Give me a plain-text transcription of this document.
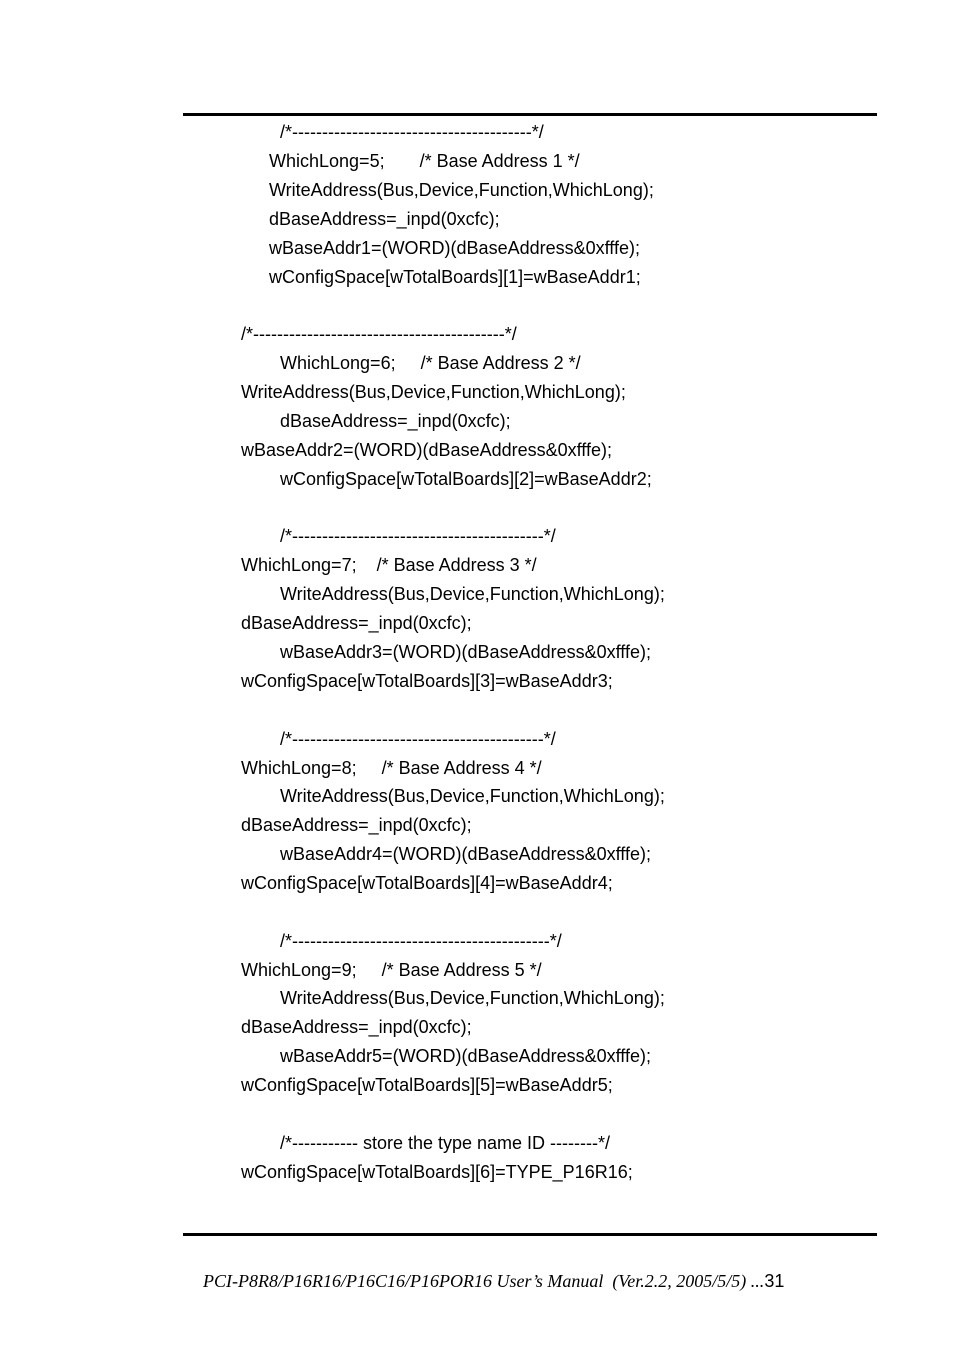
/*----------------------------------------*/
WhichLong=5;       /* Base Address 1 */
WriteAddress(Bus,Device,Function,WhichLong);
dBaseAddress=_inpd(0xcfc);
wBaseAddr1=(WORD)(dBaseAddress&0xfffe);
wConfigSpace[wTotalBoards][1]=wBaseAddr1;
/*------------------------------------------*/
WhichLong=6;     /* Base Address 2 */
WriteAddress(Bus,Device,Function,WhichLong);
dBaseAddress=_inpd(0xcfc);
wBaseAddr2=(WORD)(dBaseAddress&0xfffe);
wConfigSpace[wTotalBoards][2]=wBaseAddr2;
/*------------------------------------------*/
WhichLong=7;    /* Base Address 3 */
WriteAddress(Bus,Device,Function,WhichLong);
dBaseAddress=_inpd(0xcfc);
wBaseAddr3=(WORD)(dBaseAddress&0xfffe);
wConfigSpace[wTotalBoards][3]=wBaseAddr3;
/*------------------------------------------*/
WhichLong=8;     /* Base Address 4 */
WriteAddress(Bus,Device,Function,WhichLong);
dBaseAddress=_inpd(0xcfc);
wBaseAddr4=(WORD)(dBaseAddress&0xfffe);
wConfigSpace[wTotalBoards][4]=wBaseAddr4;
/*-------------------------------------------*/
WhichLong=9;     /* Base Address 5 */
WriteAddress(Bus,Device,Function,WhichLong);
dBaseAddress=_inpd(0xcfc);
wBaseAddr5=(WORD)(dBaseAddress&0xfffe);
wConfigSpace[wTotalBoards][5]=wBaseAddr5;
/*----------- store the type name ID --------*/
wConfigSpace[wTotalBoards][6]=TYPE_P16R16;

PCI-P8R8/P16R16/P16C16/P16POR16 User’s Manual  (Ver.2.2, 2005/5/5) ...31
